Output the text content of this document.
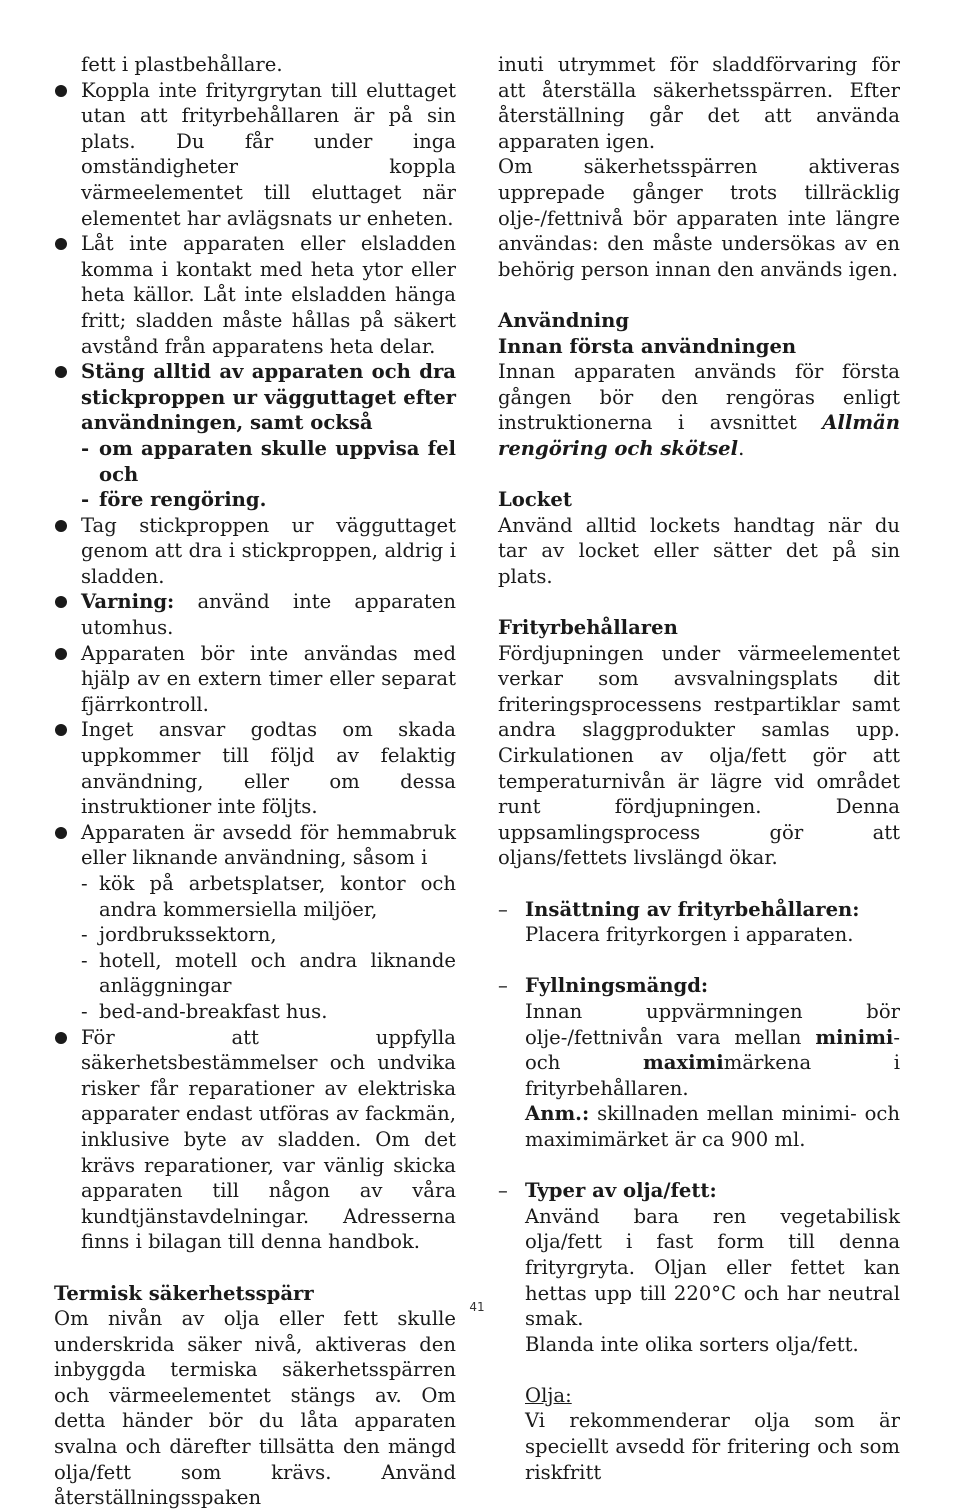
fett i plastbehållare.

Koppla inte frityrgrytan till eluttaget utan att frityrbehållaren är på sin plats. Du får under inga omständigheter koppla värmeelementet till eluttaget när elementet har avlägsnats ur enheten.
Låt inte apparaten eller elsladden komma i kontakt med heta ytor eller heta källor. Låt inte elsladden hänga fritt; sladden måste hållas på säkert avstånd från apparatens heta delar.
Stäng alltid av apparaten och dra stickproppen ur vägguttaget efter användningen, samt också
- om apparaten skulle uppvisa fel och
- före rengöring.
Tag stickproppen ur vägguttaget genom att dra i stickproppen, aldrig i sladden.
Varning: använd inte apparaten utomhus.
Apparaten bör inte användas med hjälp av en extern timer eller separat fjärrkontroll.
Inget ansvar godtas om skada uppkommer till följd av felaktig användning, eller om dessa instruktioner inte följts.
Apparaten är avsedd för hemmabruk eller liknande användning, såsom i
- kök på arbetsplatser, kontor och andra kommersiella miljöer,
- jordbrukssektorn,
- hotell, motell och andra liknande anläggningar
- bed-and-breakfast hus.
För att uppfylla säkerhetsbestämmelser och undvika risker får reparationer av elektriska apparater endast utföras av fackmän, inklusive byte av sladden. Om det krävs reparationer, var vänlig skicka apparaten till någon av våra kundtjänstavdelningar. Adresserna finns i bilagan till denna handbok.

Termisk säkerhetsspärr

Om nivån av olja eller fett skulle underskrida säker nivå, aktiveras den inbyggda termiska säkerhetsspärren och värmeelementet stängs av. Om detta händer bör du låta apparaten svalna och därefter tillsätta den mängd olja/fett som krävs. Använd återställningsspaken

inuti utrymmet för sladdförvaring för att återställa säkerhetsspärren. Efter återställning går det att använda apparaten igen.

Om säkerhetsspärren aktiveras upprepade gånger trots tillräcklig olje-/fettnivå bör apparaten inte längre användas: den måste undersökas av en behörig person innan den används igen.

Användning

Innan första användningen

Innan apparaten används för första gången bör den rengöras enligt instruktionerna i avsnittet Allmän rengöring och skötsel.

Locket

Använd alltid lockets handtag när du tar av locket eller sätter det på sin plats.

Frityrbehållaren

Fördjupningen under värmeelementet verkar som avsvalningsplats dit friteringsprocessens restpartiklar samt andra slaggprodukter samlas upp. Cirkulationen av olja/fett gör att temperaturnivån är lägre vid området runt fördjupningen. Denna uppsamlingsprocess gör att oljans/fettets livslängd ökar.

– Insättning av frityrbehållaren:

Placera frityrkorgen i apparaten.

– Fyllningsmängd:

Innan uppvärmningen bör olje-/fettnivån vara mellan minimi- och maximimärkena i frityrbehållaren.

Anm.: skillnaden mellan minimi- och maximimärket är ca 900 ml.

– Typer av olja/fett:

Använd bara ren vegetabilisk olja/fett i fast form till denna frityrgryta. Oljan eller fettet kan hettas upp till 220°C och har neutral smak.

Blanda inte olika sorters olja/fett.

Olja:

Vi rekommenderar olja som är speciellt avsedd för fritering och som riskfritt

41
